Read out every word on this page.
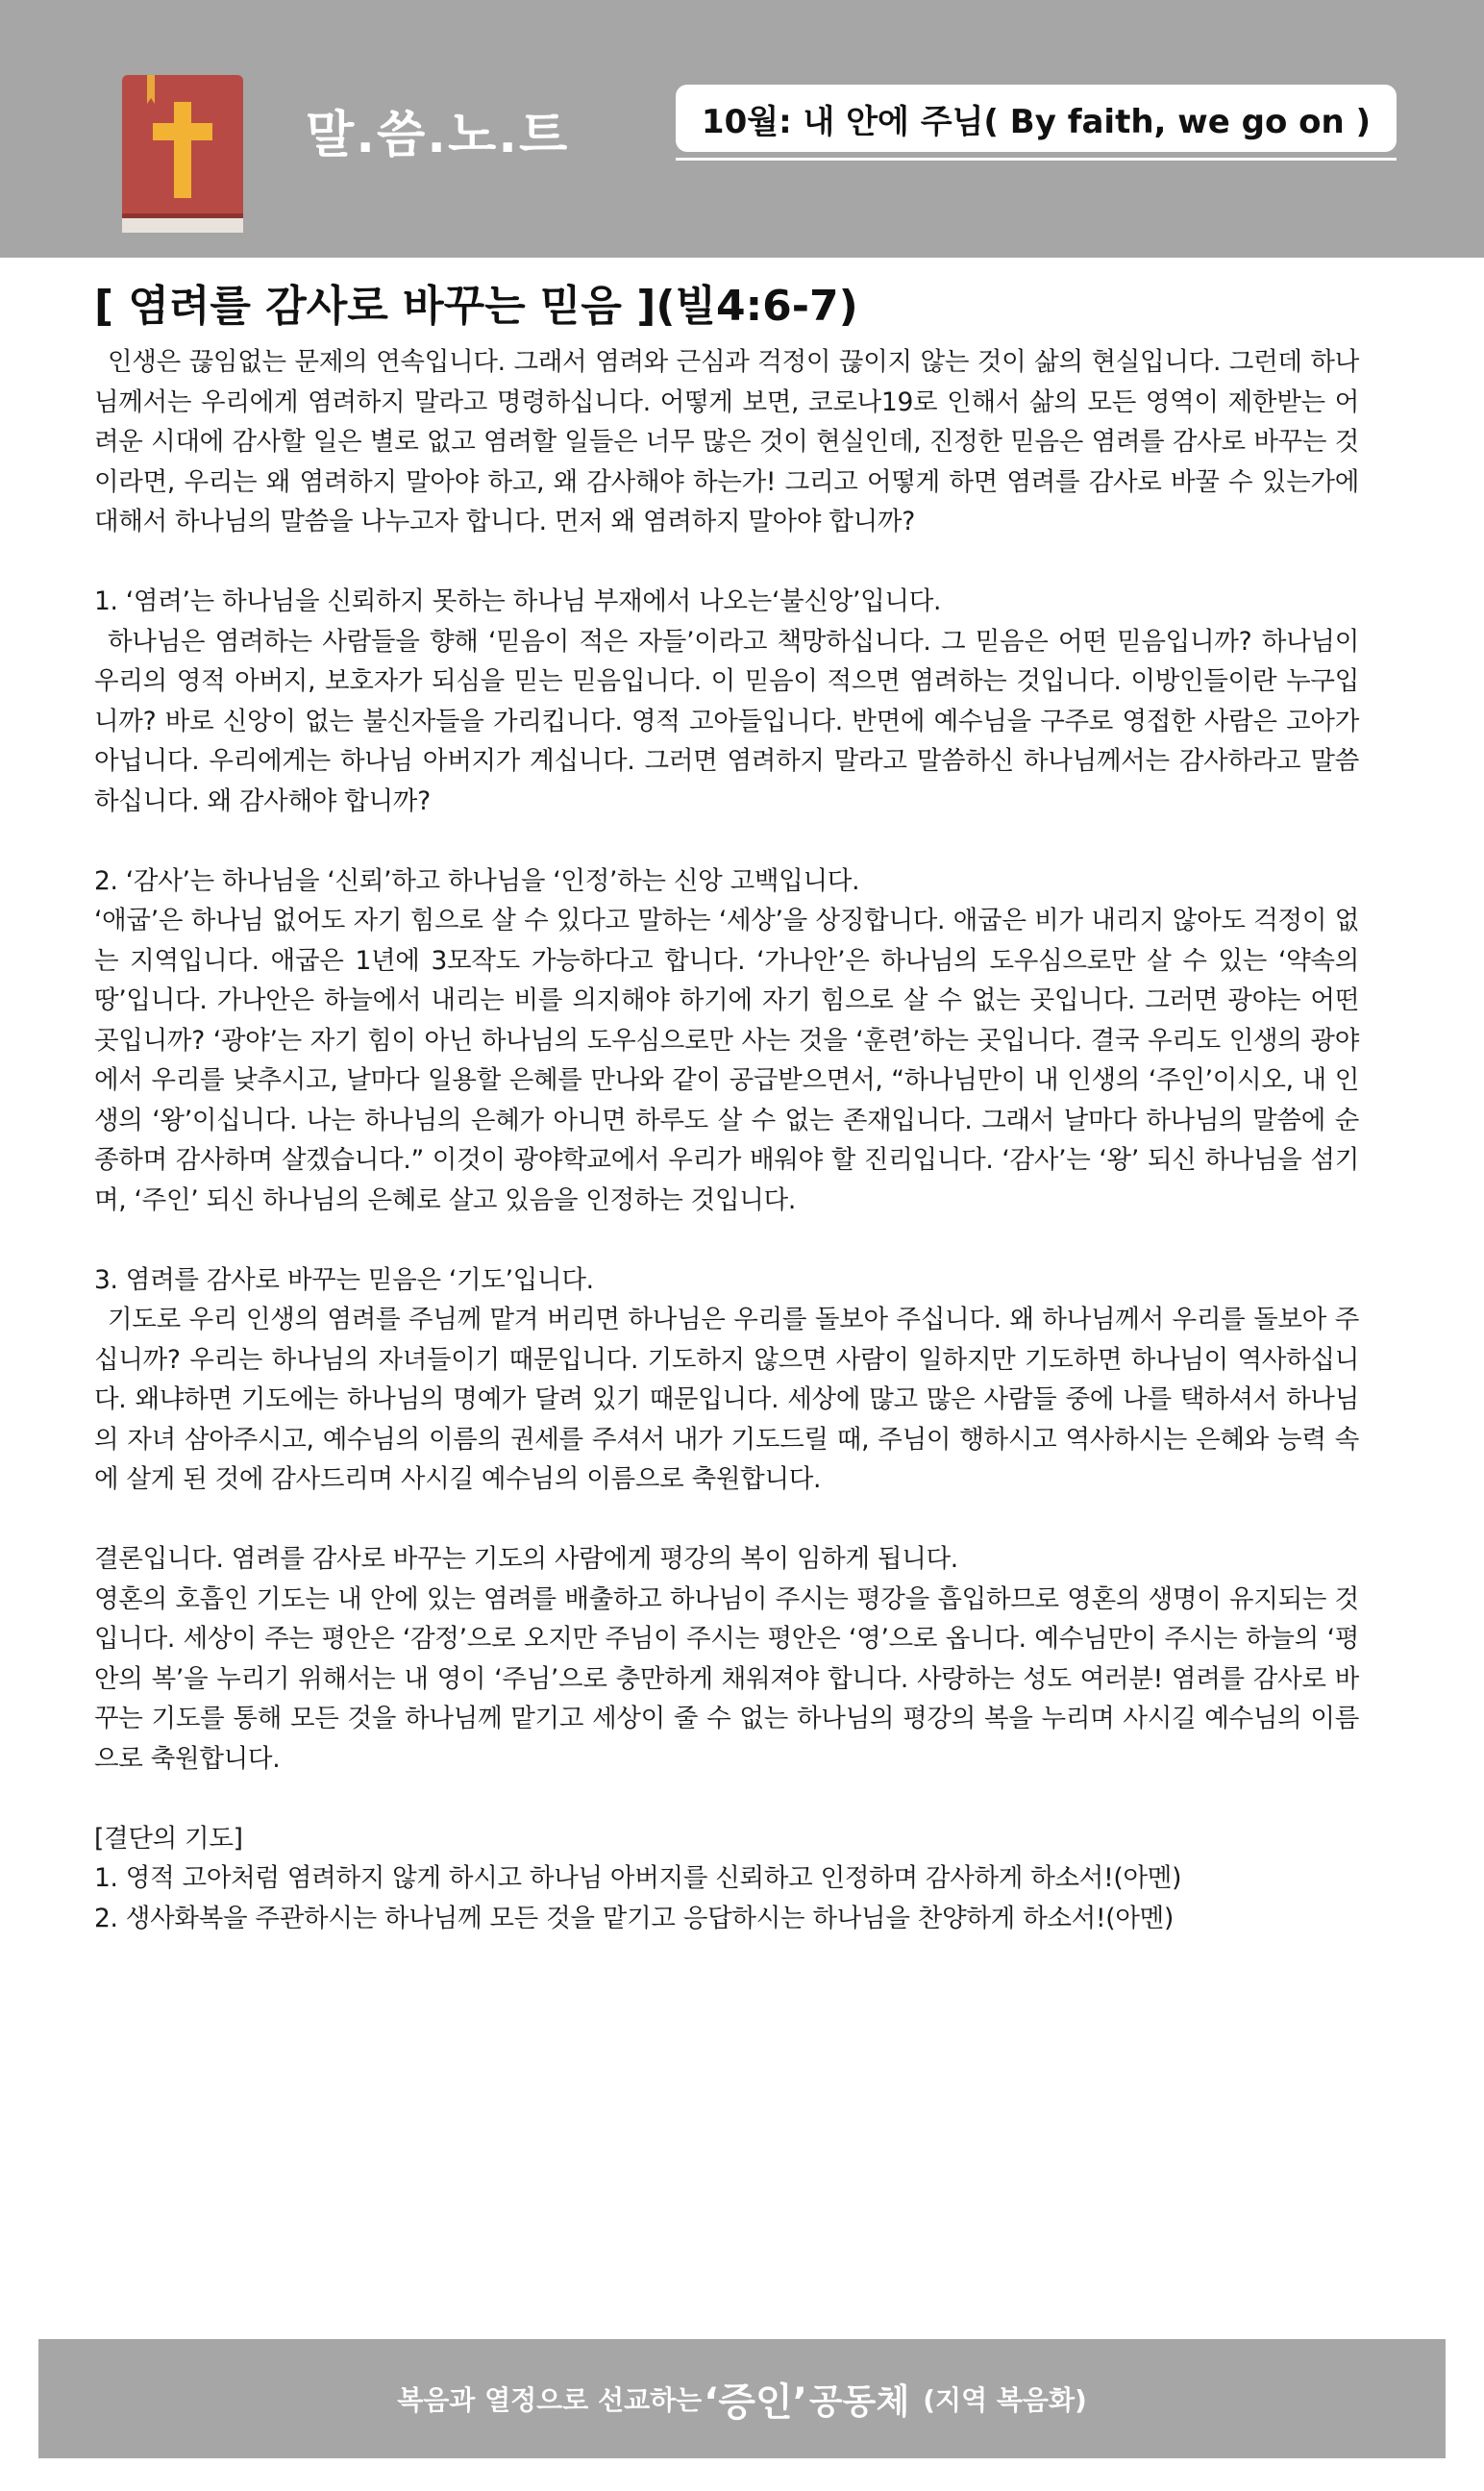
말.씀.노.트	10월: 내 안에 주님( By faith, we go on )
[ 염려를 감사로 바꾸는 믿음 ](빌4:6-7)

인생은 끊임없는 문제의 연속입니다. 그래서 염려와 근심과 걱정이 끊이지 않는 것이 삶의 현실입니다. 그런데 하나님께서는 우리에게 염려하지 말라고 명령하십니다. 어떻게 보면, 코로나19로 인해서 삶의 모든 영역이 제한받는 어려운 시대에 감사할 일은 별로 없고 염려할 일들은 너무 많은 것이 현실인데, 진정한 믿음은 염려를 감사로 바꾸는 것이라면, 우리는 왜 염려하지 말아야 하고, 왜 감사해야 하는가! 그리고 어떻게 하면 염려를 감사로 바꿀 수 있는가에 대해서 하나님의 말씀을 나누고자 합니다. 먼저 왜 염려하지 말아야 합니까?

1. ‘염려’는 하나님을 신뢰하지 못하는 하나님 부재에서 나오는‘불신앙’입니다.

하나님은 염려하는 사람들을 향해 ‘믿음이 적은 자들’이라고 책망하십니다. 그 믿음은 어떤 믿음입니까? 하나님이 우리의 영적 아버지, 보호자가 되심을 믿는 믿음입니다. 이 믿음이 적으면 염려하는 것입니다. 이방인들이란 누구입니까? 바로 신앙이 없는 불신자들을 가리킵니다. 영적 고아들입니다. 반면에 예수님을 구주로 영접한 사람은 고아가 아닙니다. 우리에게는 하나님 아버지가 계십니다. 그러면 염려하지 말라고 말씀하신 하나님께서는 감사하라고 말씀하십니다. 왜 감사해야 합니까?

2. ‘감사’는 하나님을 ‘신뢰’하고 하나님을 ‘인정’하는 신앙 고백입니다.

‘애굽’은 하나님 없어도 자기 힘으로 살 수 있다고 말하는 ‘세상’을 상징합니다. 애굽은 비가 내리지 않아도 걱정이 없는 지역입니다. 애굽은 1년에 3모작도 가능하다고 합니다. ‘가나안’은 하나님의 도우심으로만 살 수 있는 ‘약속의 땅’입니다. 가나안은 하늘에서 내리는 비를 의지해야 하기에 자기 힘으로 살 수 없는 곳입니다. 그러면 광야는 어떤 곳입니까? ‘광야’는 자기 힘이 아닌 하나님의 도우심으로만 사는 것을 ‘훈련’하는 곳입니다. 결국 우리도 인생의 광야에서 우리를 낮추시고, 날마다 일용할 은혜를 만나와 같이 공급받으면서, “하나님만이 내 인생의 ‘주인’이시오, 내 인생의 ‘왕’이십니다. 나는 하나님의 은혜가 아니면 하루도 살 수 없는 존재입니다. 그래서 날마다 하나님의 말씀에 순종하며 감사하며 살겠습니다.” 이것이 광야학교에서 우리가 배워야 할 진리입니다. ‘감사’는 ‘왕’ 되신 하나님을 섬기며, ‘주인’ 되신 하나님의 은혜로 살고 있음을 인정하는 것입니다.

3. 염려를 감사로 바꾸는 믿음은 ‘기도’입니다.

기도로 우리 인생의 염려를 주님께 맡겨 버리면 하나님은 우리를 돌보아 주십니다. 왜 하나님께서 우리를 돌보아 주십니까? 우리는 하나님의 자녀들이기 때문입니다. 기도하지 않으면 사람이 일하지만 기도하면 하나님이 역사하십니다. 왜냐하면 기도에는 하나님의 명예가 달려 있기 때문입니다. 세상에 많고 많은 사람들 중에 나를 택하셔서 하나님의 자녀 삼아주시고, 예수님의 이름의 권세를 주셔서 내가 기도드릴 때, 주님이 행하시고 역사하시는 은혜와 능력 속에 살게 된 것에 감사드리며 사시길 예수님의 이름으로 축원합니다.

결론입니다. 염려를 감사로 바꾸는 기도의 사람에게 평강의 복이 임하게 됩니다.

영혼의 호흡인 기도는 내 안에 있는 염려를 배출하고 하나님이 주시는 평강을 흡입하므로 영혼의 생명이 유지되는 것입니다. 세상이 주는 평안은 ‘감정’으로 오지만 주님이 주시는 평안은 ‘영’으로 옵니다. 예수님만이 주시는 하늘의 ‘평안의 복’을 누리기 위해서는 내 영이 ‘주님’으로 충만하게 채워져야 합니다. 사랑하는 성도 여러분! 염려를 감사로 바꾸는 기도를 통해 모든 것을 하나님께 맡기고 세상이 줄 수 없는 하나님의 평강의 복을 누리며 사시길 예수님의 이름으로 축원합니다.

[결단의 기도]

1. 영적 고아처럼 염려하지 않게 하시고 하나님 아버지를 신뢰하고 인정하며 감사하게 하소서!(아멘)

2. 생사화복을 주관하시는 하나님께 모든 것을 맡기고 응답하시는 하나님을 찬양하게 하소서!(아멘)

복음과 열정으로 선교하는 ‘증인’ 공동체 (지역 복음화)
